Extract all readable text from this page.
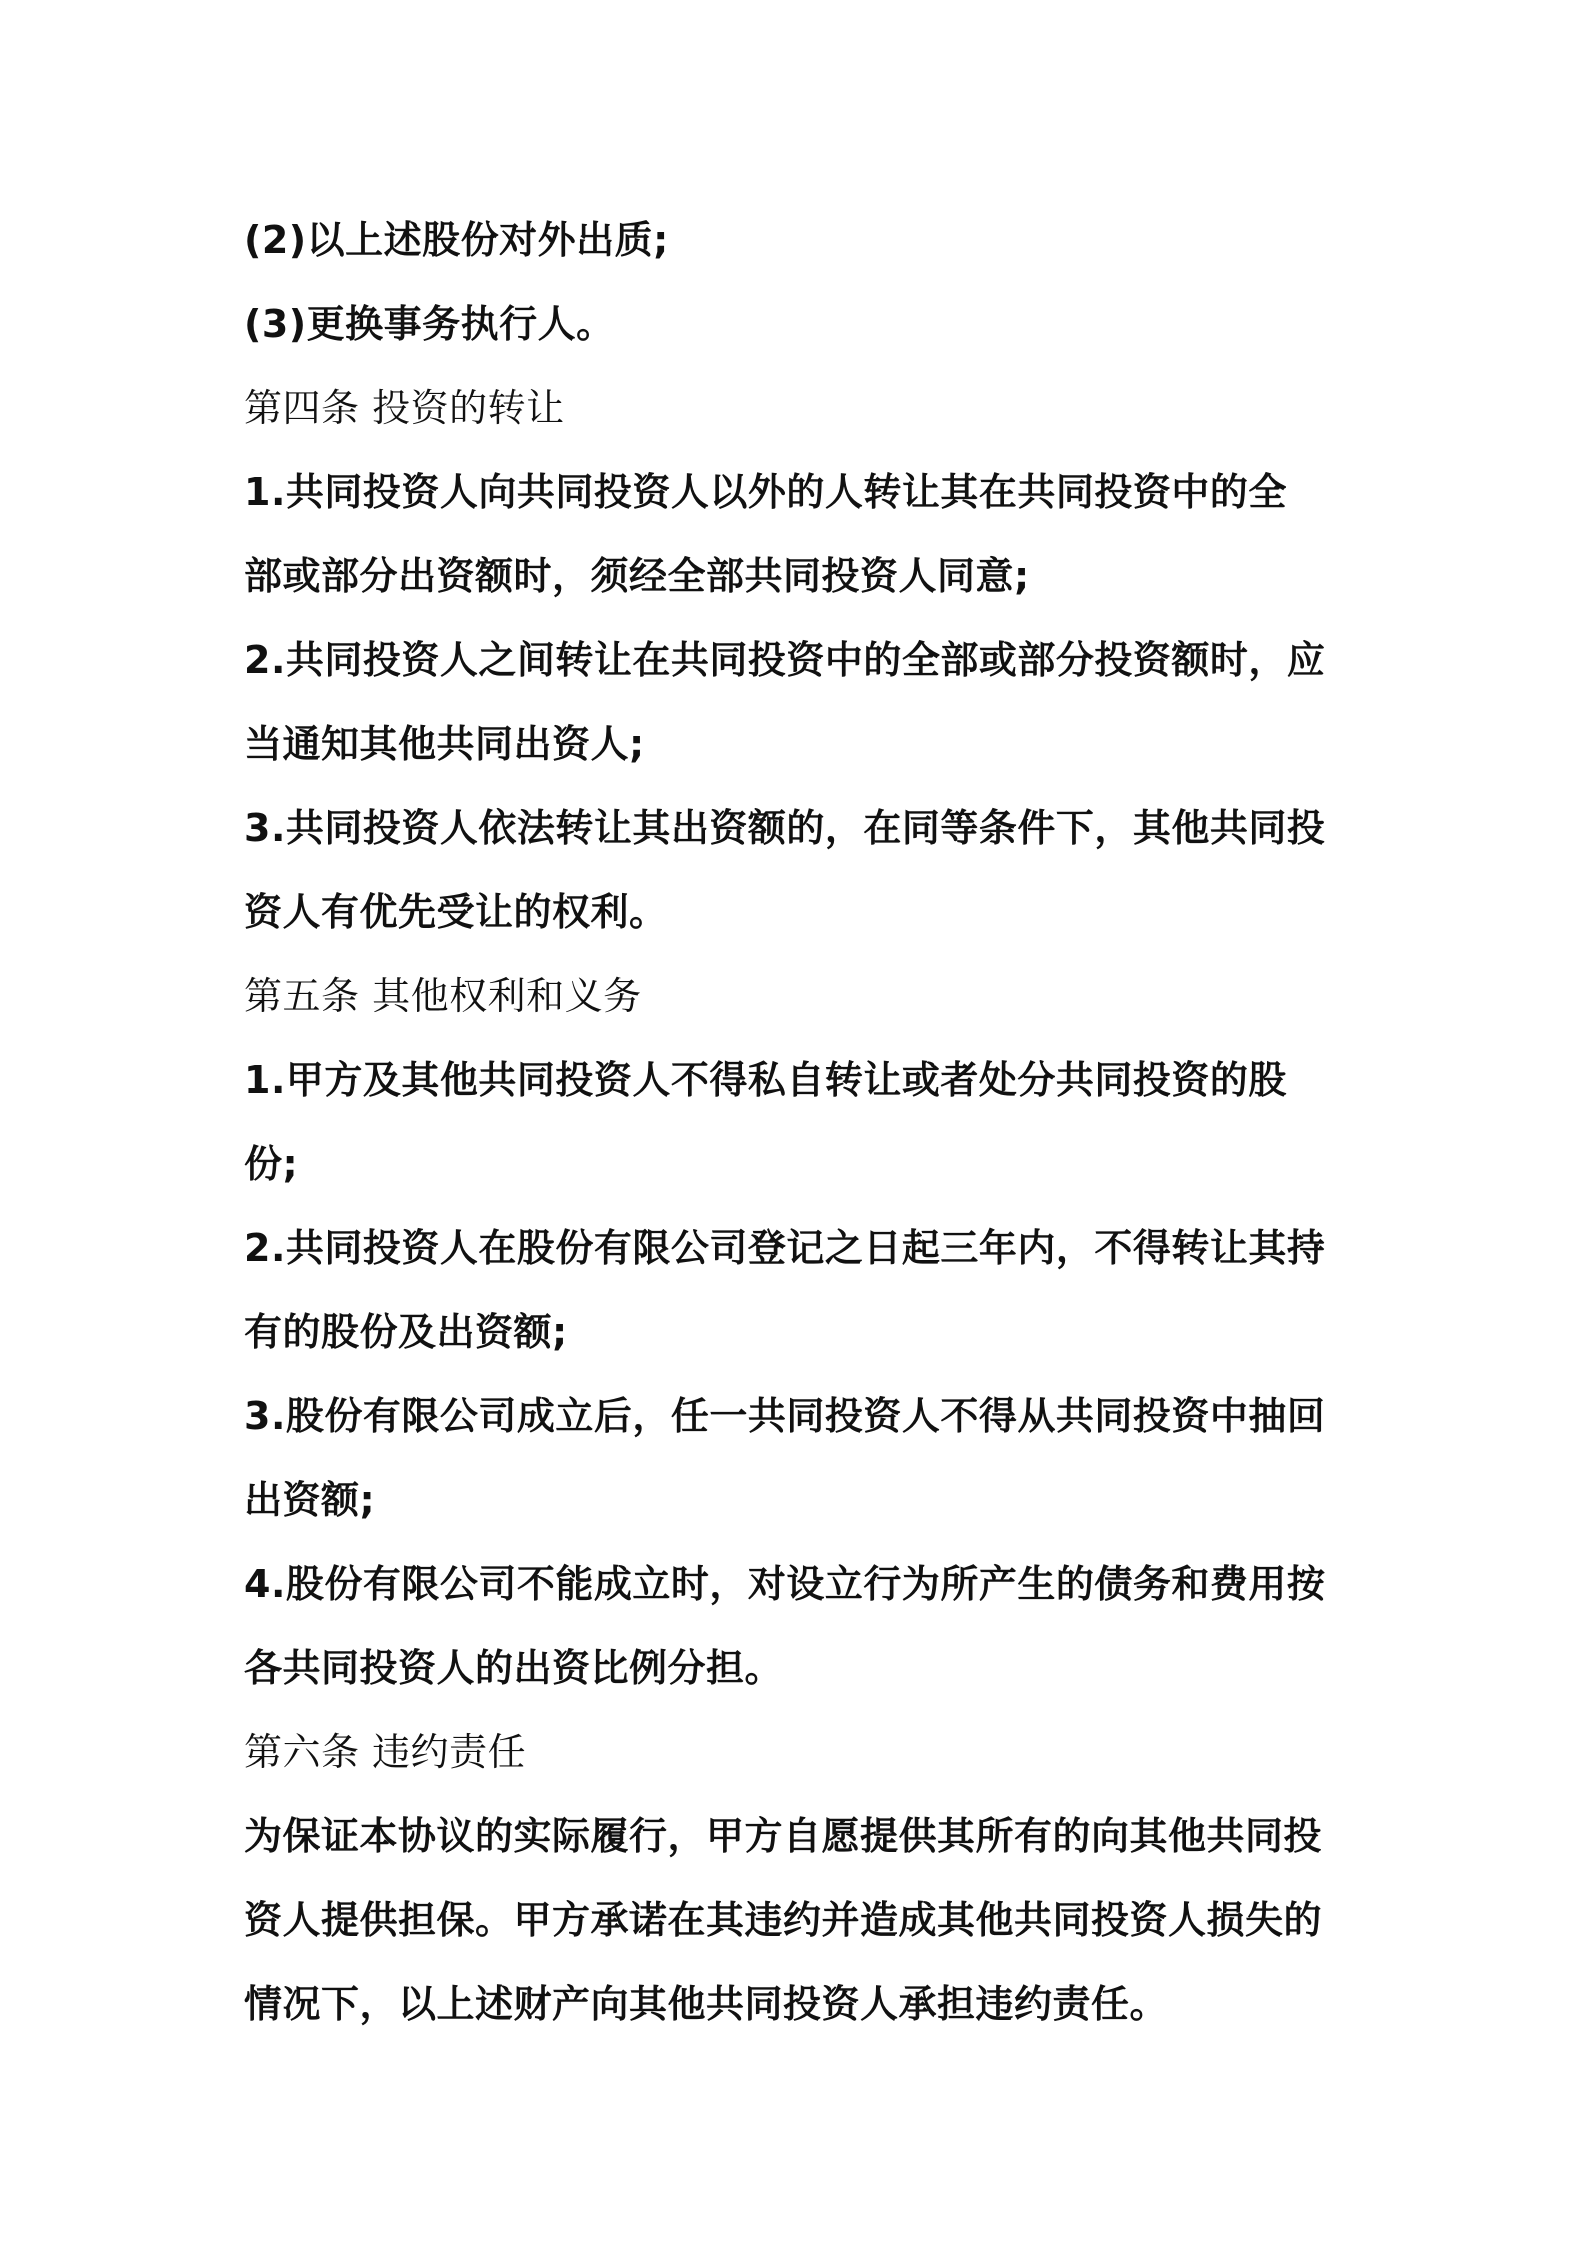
(2)以上述股份对外出质;
(3)更换事务执行人。
第四条 投资的转让
1.共同投资人向共同投资人以外的人转让其在共同投资中的全
部或部分出资额时，须经全部共同投资人同意;
2.共同投资人之间转让在共同投资中的全部或部分投资额时，应
当通知其他共同出资人;
3.共同投资人依法转让其出资额的，在同等条件下，其他共同投
资人有优先受让的权利。
第五条 其他权利和义务
1.甲方及其他共同投资人不得私自转让或者处分共同投资的股
份;
2.共同投资人在股份有限公司登记之日起三年内，不得转让其持
有的股份及出资额;
3.股份有限公司成立后，任一共同投资人不得从共同投资中抽回
出资额;
4.股份有限公司不能成立时，对设立行为所产生的债务和费用按
各共同投资人的出资比例分担。
第六条 违约责任
为保证本协议的实际履行，甲方自愿提供其所有的向其他共同投
资人提供担保。甲方承诺在其违约并造成其他共同投资人损失的
情况下，以上述财产向其他共同投资人承担违约责任。
